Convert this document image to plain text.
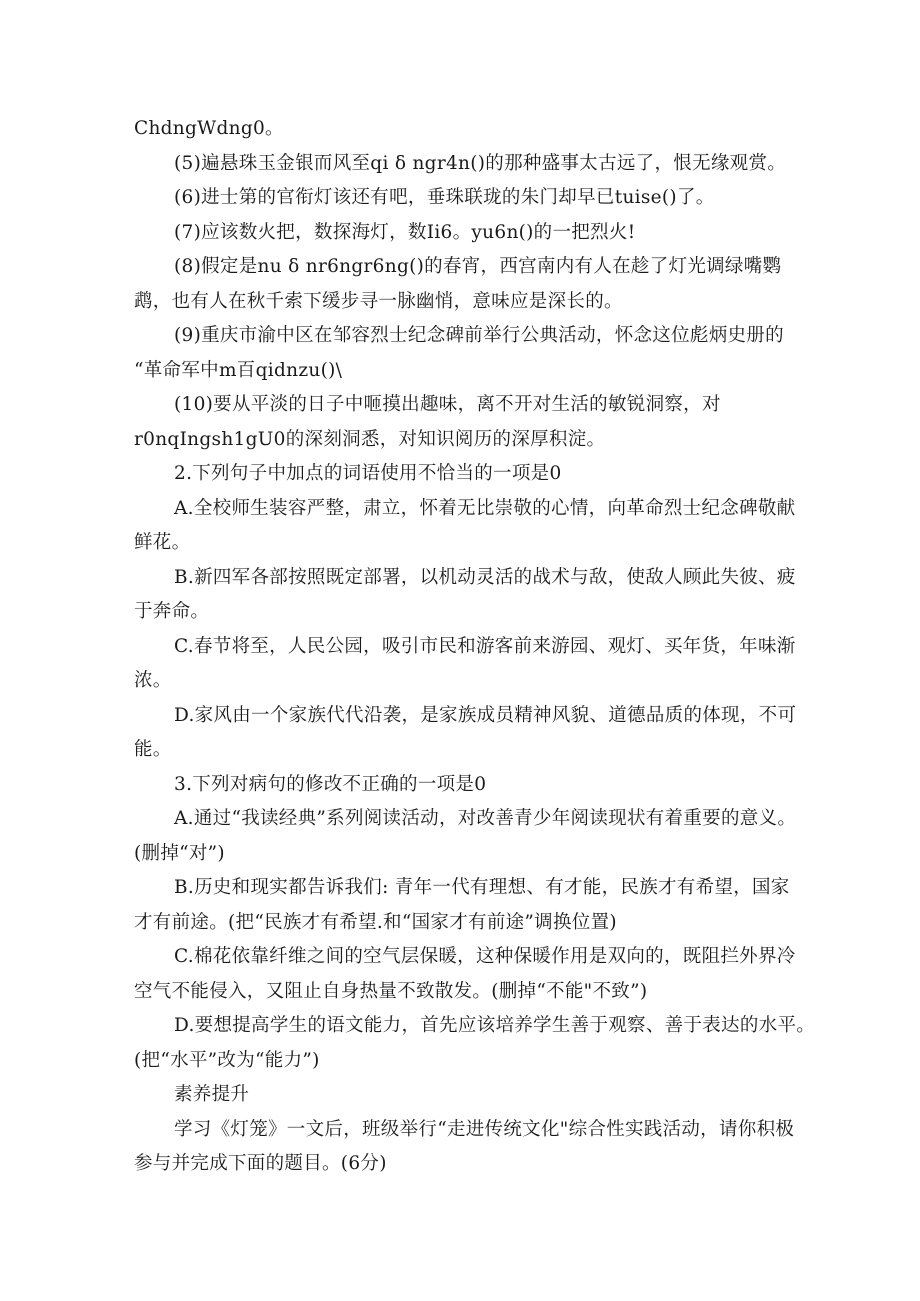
ChdngWdng0。

(5)遍悬珠玉金银而风至qi δ ngr4n()的那种盛事太古远了，恨无缘观赏。

(6)进士第的官衔灯该还有吧，垂珠联珑的朱门却早已tuise()了。

(7)应该数火把，数探海灯，数Ii6。yu6n()的一把烈火!

(8)假定是nu δ nr6ngr6ng()的春宵，西宫南内有人在趁了灯光调绿嘴鹦

鹉，也有人在秋千索下缓步寻一脉幽悄，意味应是深长的。

(9)重庆市渝中区在邹容烈士纪念碑前举行公典活动，怀念这位彪炳史册的

“革命军中m百qidnzu()\

(10)要从平淡的日子中咂摸出趣味，离不开对生活的敏锐洞察，对

r0nqIngsh1gU0的深刻洞悉，对知识阅历的深厚积淀。

2.下列句子中加点的词语使用不恰当的一项是0

A.全校师生装容严整，肃立，怀着无比崇敬的心情，向革命烈士纪念碑敬献

鲜花。

B.新四军各部按照既定部署，以机动灵活的战术与敌，使敌人顾此失彼、疲

于奔命。

C.春节将至，人民公园，吸引市民和游客前来游园、观灯、买年货，年味渐

浓。

D.家风由一个家族代代沿袭，是家族成员精神风貌、道德品质的体现，不可

能。

3.下列对病句的修改不正确的一项是0

A.通过“我读经典”系列阅读活动，对改善青少年阅读现状有着重要的意义。

(删掉“对”)

B.历史和现实都告诉我们: 青年一代有理想、有才能，民族才有希望，国家

才有前途。(把“民族才有希望.和“国家才有前途”调换位置)

C.棉花依靠纤维之间的空气层保暖，这种保暖作用是双向的，既阻拦外界冷

空气不能侵入，又阻止自身热量不致散发。(删掉“不能"不致”)

D.要想提高学生的语文能力，首先应该培养学生善于观察、善于表达的水平。

(把“水平”改为“能力”)

素养提升

学习《灯笼》一文后，班级举行“走进传统文化"综合性实践活动，请你积极

参与并完成下面的题目。(6分)
